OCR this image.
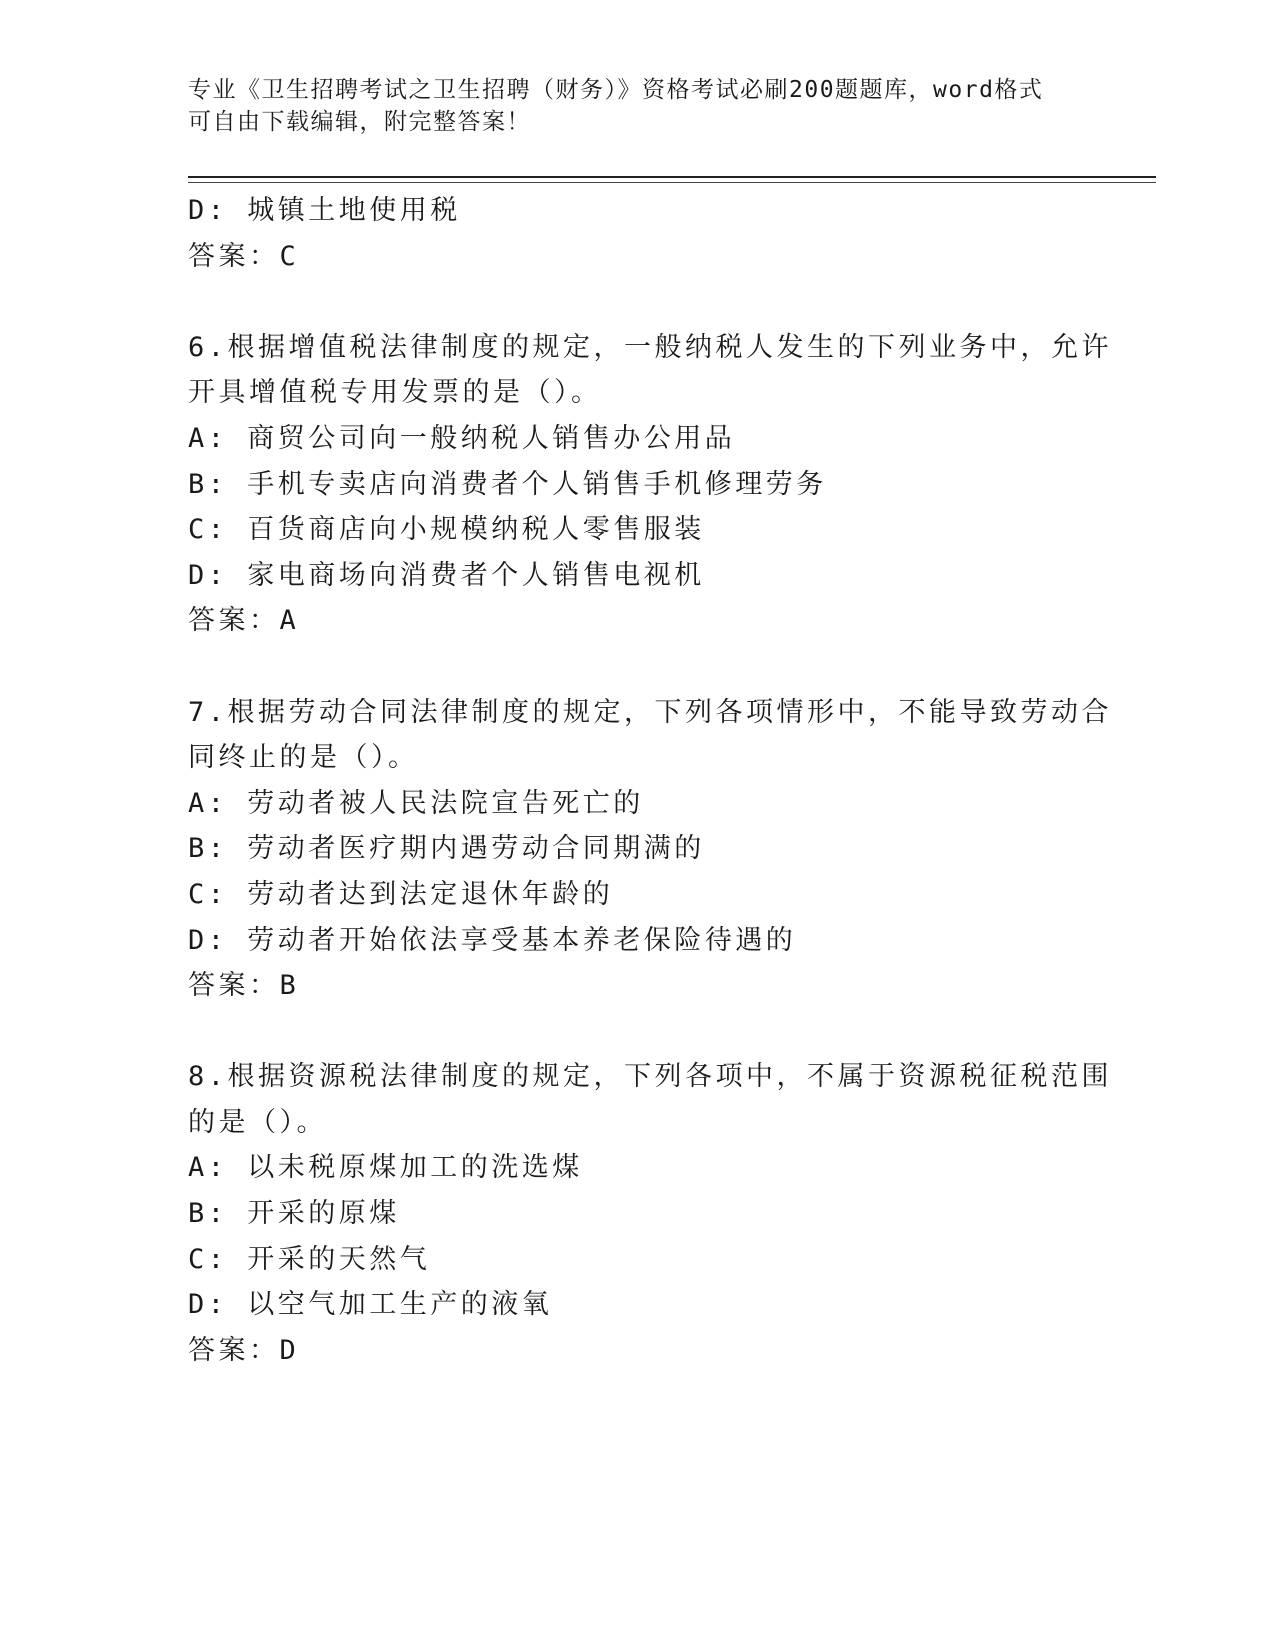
专业《卫生招聘考试之卫生招聘（财务）》资格考试必刷200题题库，word格式
可自由下载编辑，附完整答案！
D: 城镇土地使用税
答案：C
6.根据增值税法律制度的规定，一般纳税人发生的下列业务中，允许
开具增值税专用发票的是（）。
A: 商贸公司向一般纳税人销售办公用品
B: 手机专卖店向消费者个人销售手机修理劳务
C: 百货商店向小规模纳税人零售服装
D: 家电商场向消费者个人销售电视机
答案：A
7.根据劳动合同法律制度的规定，下列各项情形中，不能导致劳动合
同终止的是（）。
A: 劳动者被人民法院宣告死亡的
B: 劳动者医疗期内遇劳动合同期满的
C: 劳动者达到法定退休年龄的
D: 劳动者开始依法享受基本养老保险待遇的
答案：B
8.根据资源税法律制度的规定，下列各项中，不属于资源税征税范围
的是（）。
A: 以未税原煤加工的洗选煤
B: 开采的原煤
C: 开采的天然气
D: 以空气加工生产的液氧
答案：D
